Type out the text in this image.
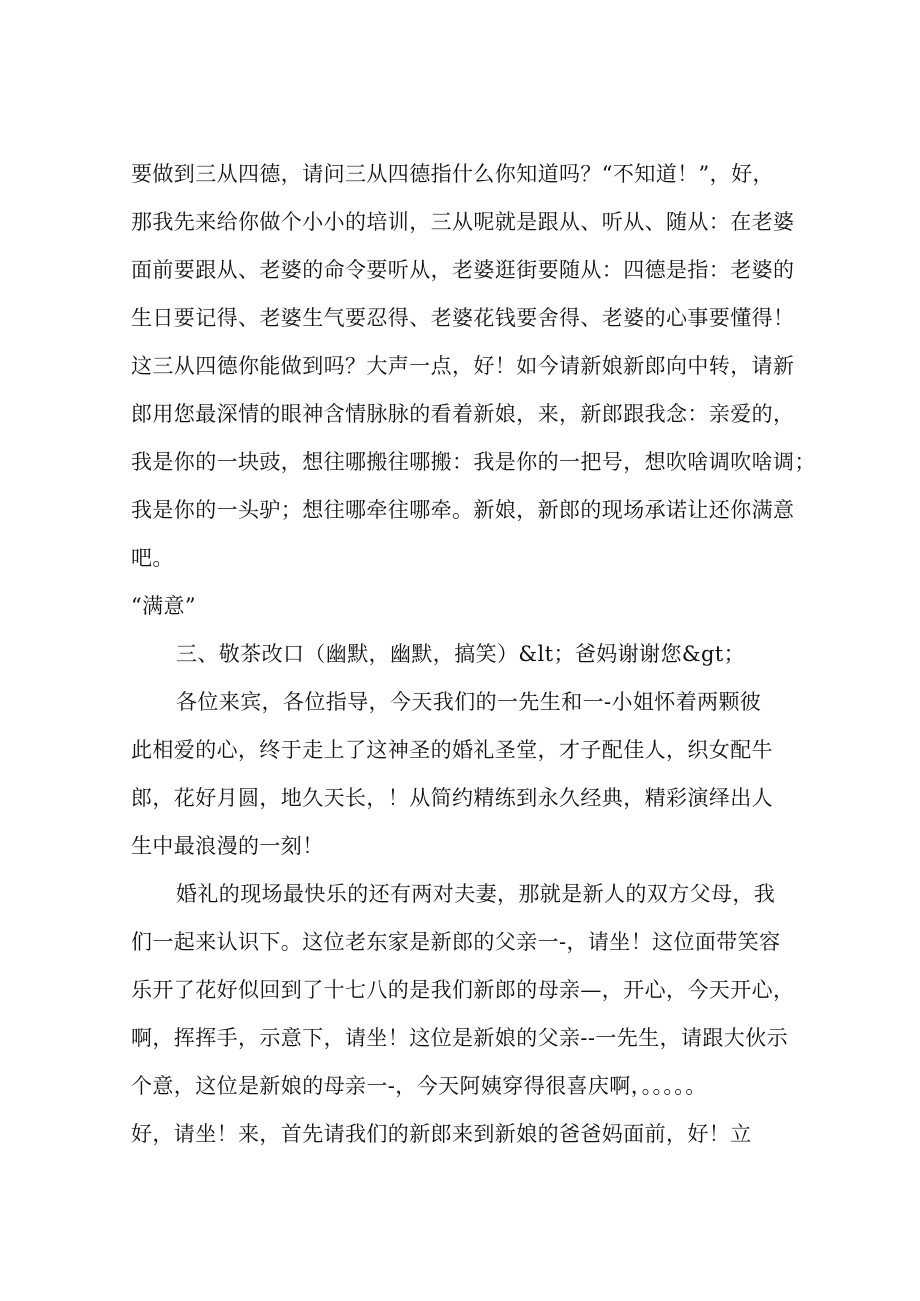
要做到三从四德，请问三从四德指什么你知道吗？“不知道！”，好，
那我先来给你做个小小的培训，三从呢就是跟从、听从、随从：在老婆
面前要跟从、老婆的命令要听从，老婆逛街要随从：四德是指：老婆的
生日要记得、老婆生气要忍得、老婆花钱要舍得、老婆的心事要懂得！
这三从四德你能做到吗？大声一点，好！如今请新娘新郎向中转，请新
郎用您最深情的眼神含情脉脉的看着新娘，来，新郎跟我念：亲爱的，
我是你的一块豉，想往哪搬往哪搬：我是你的一把号，想吹啥调吹啥调；
我是你的一头驴；想往哪牵往哪牵。新娘，新郎的现场承诺让还你满意
吧。
“满意”
三、敬茶改口（幽默，幽默，搞笑）&lt；爸妈谢谢您&gt；
各位来宾，各位指导，今天我们的一先生和一-小姐怀着两颗彼
此相爱的心，终于走上了这神圣的婚礼圣堂，才子配佳人，织女配牛
郎，花好月圆，地久天长，！从简约精练到永久经典，精彩演绎出人
生中最浪漫的一刻！
婚礼的现场最快乐的还有两对夫妻，那就是新人的双方父母，我
们一起来认识下。这位老东家是新郎的父亲一-，请坐！这位面带笑容
乐开了花好似回到了十七八的是我们新郎的母亲—，开心，今天开心，
啊，挥挥手，示意下，请坐！这位是新娘的父亲--一先生，请跟大伙示
个意，这位是新娘的母亲一-，今天阿姨穿得很喜庆啊，。。。。。
好，请坐！来，首先请我们的新郎来到新娘的爸爸妈面前，好！立
